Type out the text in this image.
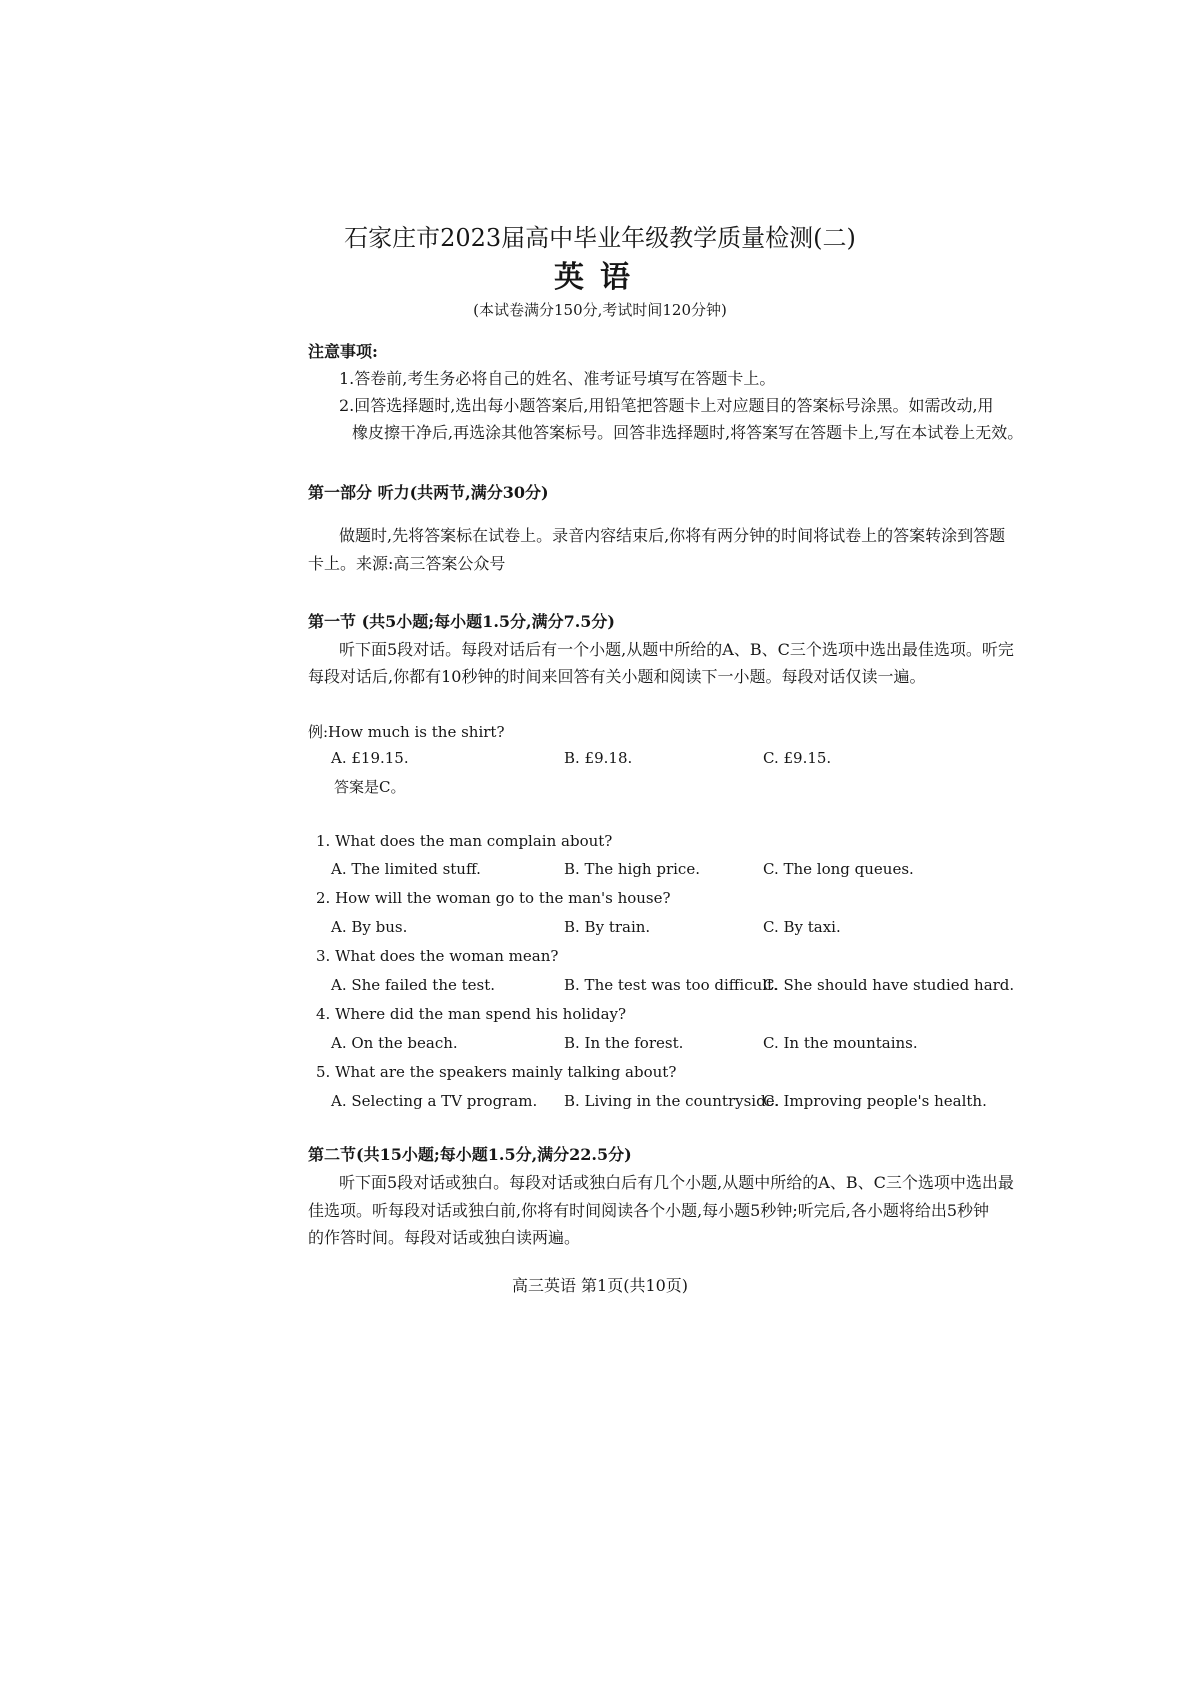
石家庄市2023届高中毕业年级教学质量检测(二)
英语
(本试卷满分150分,考试时间120分钟)
注意事项:
1.答卷前,考生务必将自己的姓名、准考证号填写在答题卡上。
2.回答选择题时,选出每小题答案后,用铅笔把答题卡上对应题目的答案标号涂黑。如需改动,用
橡皮擦干净后,再选涂其他答案标号。回答非选择题时,将答案写在答题卡上,写在本试卷上无效。
第一部分 听力(共两节,满分30分)
做题时,先将答案标在试卷上。录音内容结束后,你将有两分钟的时间将试卷上的答案转涂到答题
卡上。来源:高三答案公众号
第一节 (共5小题;每小题1.5分,满分7.5分)
听下面5段对话。每段对话后有一个小题,从题中所给的A、B、C三个选项中选出最佳选项。听完
每段对话后,你都有10秒钟的时间来回答有关小题和阅读下一小题。每段对话仅读一遍。
例:How much is the shirt?
A. £19.15.	B. £9.18.	C. £9.15.
答案是C。
1. What does the man complain about?
A. The limited stuff.	B. The high price.	C. The long queues.
2. How will the woman go to the man's house?
A. By bus.	B. By train.	C. By taxi.
3. What does the woman mean?
A. She failed the test.	B. The test was too difficult.
C. She should have studied hard.
4. Where did the man spend his holiday?
A. On the beach.	B. In the forest.	C. In the mountains.
5. What are the speakers mainly talking about?
A. Selecting a TV program. B. Living in the countryside.
C. Improving people's health.
第二节(共15小题;每小题1.5分,满分22.5分)
听下面5段对话或独白。每段对话或独白后有几个小题,从题中所给的A、B、C三个选项中选出最
佳选项。听每段对话或独白前,你将有时间阅读各个小题,每小题5秒钟;听完后,各小题将给出5秒钟
的作答时间。每段对话或独白读两遍。
高三英语 第1页(共10页)
